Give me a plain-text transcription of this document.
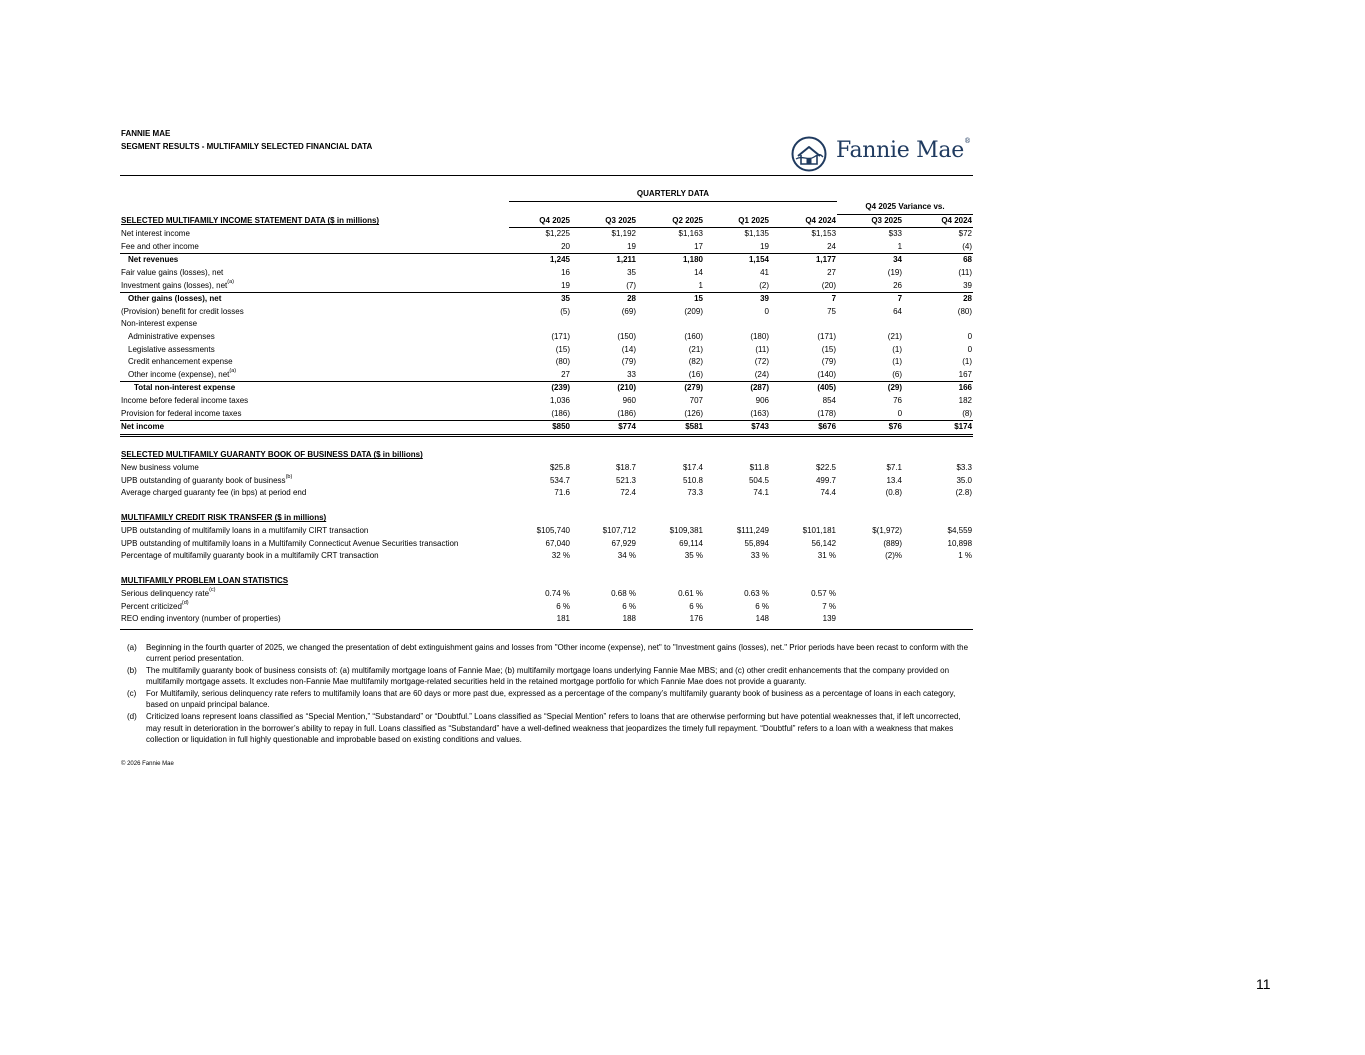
FANNIE MAE
SEGMENT RESULTS - MULTIFAMILY SELECTED FINANCIAL DATA	Fannie Mae®
	QUARTERLY DATA						
						Q4 2025 Variance vs.	
SELECTED MULTIFAMILY INCOME STATEMENT DATA ($ in millions)	Q4 2025	Q3 2025	Q2 2025	Q1 2025	Q4 2024	Q3 2025	Q4 2024
Net interest income	$1,225	$1,192	$1,163	$1,135	$1,153	$33	$72
Fee and other income	20	19	17	19	24	1	(4)
Net revenues	1,245	1,211	1,180	1,154	1,177	34	68
Fair value gains (losses), net	16	35	14	41	27	(19)	(11)
Investment gains (losses), net$^{(a)}$	19	(7)	1	(2)	(20)	26	39
Other gains (losses), net	35	28	15	39	7	7	28
(Provision) benefit for credit losses	(5)	(69)	(209)	0	75	64	(80)
Non-interest expense							
Administrative expenses	(171)	(150)	(160)	(180)	(171)	(21)	0
Legislative assessments	(15)	(14)	(21)	(11)	(15)	(1)	0
Credit enhancement expense	(80)	(79)	(82)	(72)	(79)	(1)	(1)
Other income (expense), net$^{(a)}$	27	33	(16)	(24)	(140)	(6)	167
Total non-interest expense	(239)	(210)	(279)	(287)	(405)	(29)	166
Income before federal income taxes	1,036	960	707	906	854	76	182
Provision for federal income taxes	(186)	(186)	(126)	(163)	(178)	0	(8)
Net income	$850	$774	$581	$743	$676	$76	$174

SELECTED MULTIFAMILY GUARANTY BOOK OF BUSINESS DATA ($ in billions)							
New business volume	$25.8	$18.7	$17.4	$11.8	$22.5	$7.1	$3.3
UPB outstanding of guaranty book of business$^{(b)}$	534.7	521.3	510.8	504.5	499.7	13.4	35.0
Average charged guaranty fee (in bps) at period end	71.6	72.4	73.3	74.1	74.4	(0.8)	(2.8)

MULTIFAMILY CREDIT RISK TRANSFER ($ in millions)							
UPB outstanding of multifamily loans in a multifamily CIRT transaction	$105,740	$107,712	$109,381	$111,249	$101,181	$(1,972)	$4,559
UPB outstanding of multifamily loans in a Multifamily Connecticut Avenue Securities transaction	67,040	67,929	69,114	55,894	56,142	(889)	10,898
Percentage of multifamily guaranty book in a multifamily CRT transaction	32 %	34 %	35 %	33 %	31 %	(2)%	1 %

MULTIFAMILY PROBLEM LOAN STATISTICS							
Serious delinquency rate$^{(c)}$	0.74 %	0.68 %	0.61 %	0.63 %	0.57 %		
Percent criticized$^{(d)}$	6 %	6 %	6 %	6 %	7 %		
REO ending inventory (number of properties)	181	188	176	148	139		
(a)	Beginning in the fourth quarter of 2025, we changed the presentation of debt extinguishment gains and losses from "Other income (expense), net" to "Investment gains (losses), net." Prior periods have been recast to conform with the current period presentation.
(b)	The multifamily guaranty book of business consists of: (a) multifamily mortgage loans of Fannie Mae; (b) multifamily mortgage loans underlying Fannie Mae MBS; and (c) other credit enhancements that the company provided on multifamily mortgage assets. It excludes non-Fannie Mae multifamily mortgage-related securities held in the retained mortgage portfolio for which Fannie Mae does not provide a guaranty.
(c)	For Multifamily, serious delinquency rate refers to multifamily loans that are 60 days or more past due, expressed as a percentage of the company’s multifamily guaranty book of business as a percentage of loans in each category, based on unpaid principal balance.
(d)	Criticized loans represent loans classified as “Special Mention,” “Substandard” or “Doubtful.” Loans classified as “Special Mention” refers to loans that are otherwise performing but have potential weaknesses that, if left uncorrected, may result in deterioration in the borrower’s ability to repay in full. Loans classified as “Substandard” have a well-defined weakness that jeopardizes the timely full repayment. “Doubtful” refers to a loan with a weakness that makes collection or liquidation in full highly questionable and improbable based on existing conditions and values.
© 2026 Fannie Mae
11
